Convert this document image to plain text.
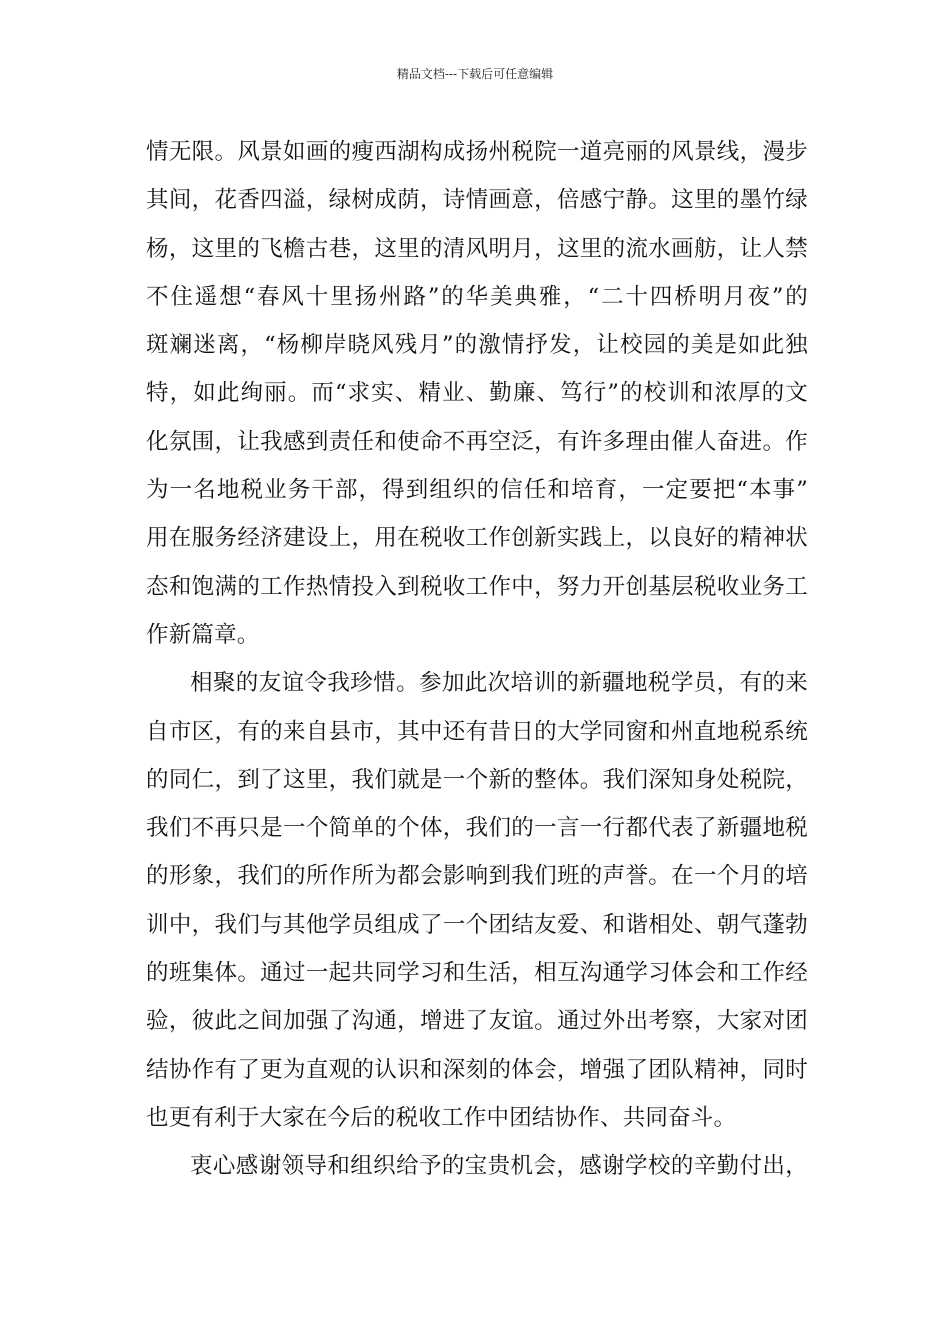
精品文档---下载后可任意编辑
情无限。风景如画的瘦西湖构成扬州税院一道亮丽的风景线，漫步
其间，花香四溢，绿树成荫，诗情画意，倍感宁静。这里的墨竹绿
杨，这里的飞檐古巷，这里的清风明月，这里的流水画舫，让人禁
不住遥想“春风十里扬州路”的华美典雅，“二十四桥明月夜”的
斑斓迷离，“杨柳岸晓风残月”的激情抒发，让校园的美是如此独
特，如此绚丽。而“求实、精业、勤廉、笃行”的校训和浓厚的文
化氛围，让我感到责任和使命不再空泛，有许多理由催人奋进。作
为一名地税业务干部，得到组织的信任和培育，一定要把“本事”
用在服务经济建设上，用在税收工作创新实践上，以良好的精神状
态和饱满的工作热情投入到税收工作中，努力开创基层税收业务工
作新篇章。
相聚的友谊令我珍惜。参加此次培训的新疆地税学员，有的来
自市区，有的来自县市，其中还有昔日的大学同窗和州直地税系统
的同仁，到了这里，我们就是一个新的整体。我们深知身处税院，
我们不再只是一个简单的个体，我们的一言一行都代表了新疆地税
的形象，我们的所作所为都会影响到我们班的声誉。在一个月的培
训中，我们与其他学员组成了一个团结友爱、和谐相处、朝气蓬勃
的班集体。通过一起共同学习和生活，相互沟通学习体会和工作经
验，彼此之间加强了沟通，增进了友谊。通过外出考察，大家对团
结协作有了更为直观的认识和深刻的体会，增强了团队精神，同时
也更有利于大家在今后的税收工作中团结协作、共同奋斗。
衷心感谢领导和组织给予的宝贵机会，感谢学校的辛勤付出，
